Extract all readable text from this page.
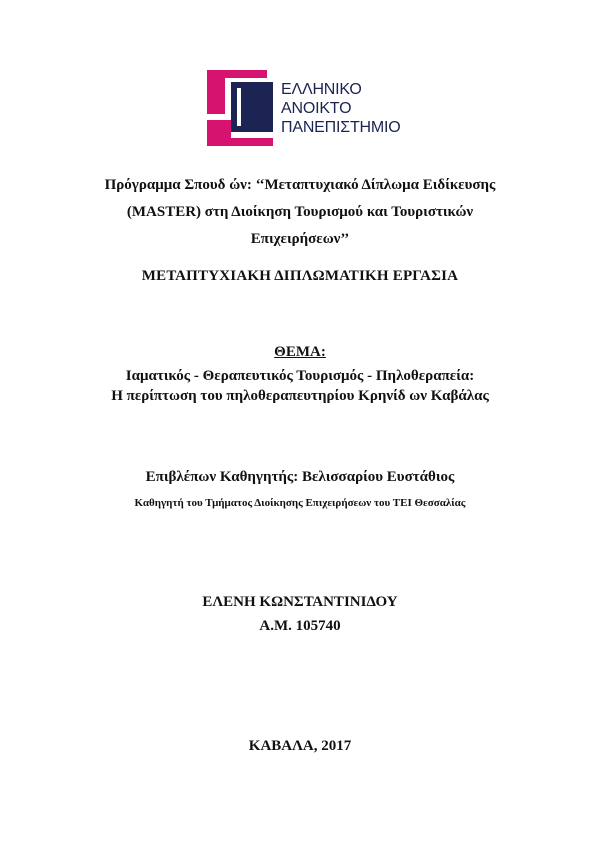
ΕΛΛΗΝΙΚΟ
ΑΝΟΙΚΤΟ
ΠΑΝΕΠΙΣΤΗΜΙΟ
Πρόγραμμα Σπουδ ών: ‘‘Μεταπτυχιακό Δίπλωμα Ειδίκευσης
(MASTER) στη Διοίκηση Τουρισμού και Τουριστικών
Επιχειρήσεων’’
ΜΕΤΑΠΤΥΧΙΑΚΗ ΔΙΠΛΩΜΑΤΙΚΗ ΕΡΓΑΣΙΑ
ΘΕΜΑ:
Ιαματικός - Θεραπευτικός Τουρισμός - Πηλοθεραπεία:
Η περίπτωση του πηλοθεραπευτηρίου Κρηνίδ ων Καβάλας
Επιβλέπων Καθηγητής: Βελισσαρίου Ευστάθιος
Καθηγητή του Τμήματος Διοίκησης Επιχειρήσεων του ΤΕΙ Θεσσαλίας
ΕΛΕΝΗ ΚΩΝΣΤΑΝΤΙΝΙΔΟΥ
Α.Μ. 105740
ΚΑΒΑΛΑ, 2017
